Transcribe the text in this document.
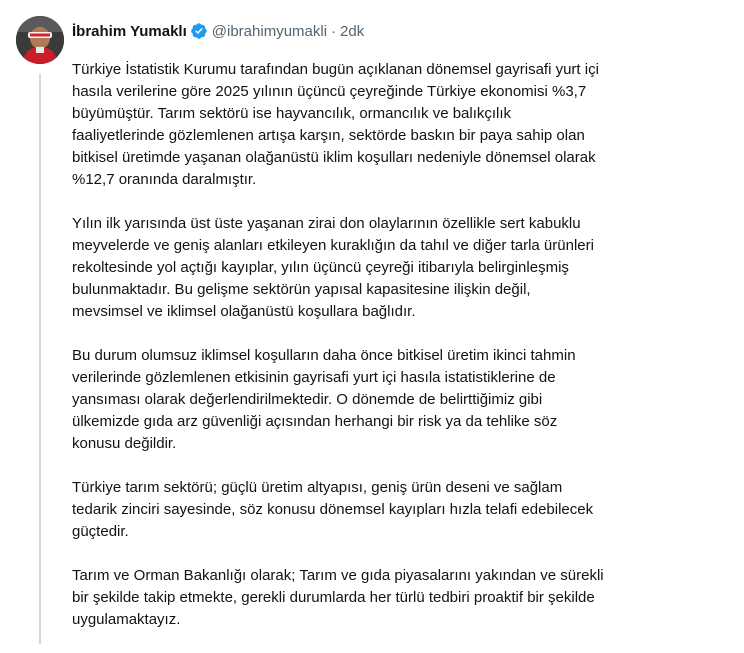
İbrahim Yumaklı @ibrahimyumakli · 2dk

Türkiye İstatistik Kurumu tarafından bugün açıklanan dönemsel gayrisafi yurt içi
hasıla verilerine göre 2025 yılının üçüncü çeyreğinde Türkiye ekonomisi %3,7
büyümüştür. Tarım sektörü ise hayvancılık, ormancılık ve balıkçılık
faaliyetlerinde gözlemlenen artışa karşın, sektörde baskın bir paya sahip olan
bitkisel üretimde yaşanan olağanüstü iklim koşulları nedeniyle dönemsel olarak
%12,7 oranında daralmıştır.

Yılın ilk yarısında üst üste yaşanan zirai don olaylarının özellikle sert kabuklu
meyvelerde ve geniş alanları etkileyen kuraklığın da tahıl ve diğer tarla ürünleri
rekoltesinde yol açtığı kayıplar, yılın üçüncü çeyreği itibarıyla belirginleşmiş
bulunmaktadır. Bu gelişme sektörün yapısal kapasitesine ilişkin değil,
mevsimsel ve iklimsel olağanüstü koşullara bağlıdır.

Bu durum olumsuz iklimsel koşulların daha önce bitkisel üretim ikinci tahmin
verilerinde gözlemlenen etkisinin gayrisafi yurt içi hasıla istatistiklerine de
yansıması olarak değerlendirilmektedir. O dönemde de belirttiğimiz gibi
ülkemizde gıda arz güvenliği açısından herhangi bir risk ya da tehlike söz
konusu değildir.

Türkiye tarım sektörü; güçlü üretim altyapısı, geniş ürün deseni ve sağlam
tedarik zinciri sayesinde, söz konusu dönemsel kayıpları hızla telafi edebilecek
güçtedir.

Tarım ve Orman Bakanlığı olarak; Tarım ve gıda piyasalarını yakından ve sürekli
bir şekilde takip etmekte, gerekli durumlarda her türlü tedbiri proaktif bir şekilde
uygulamaktayız.
